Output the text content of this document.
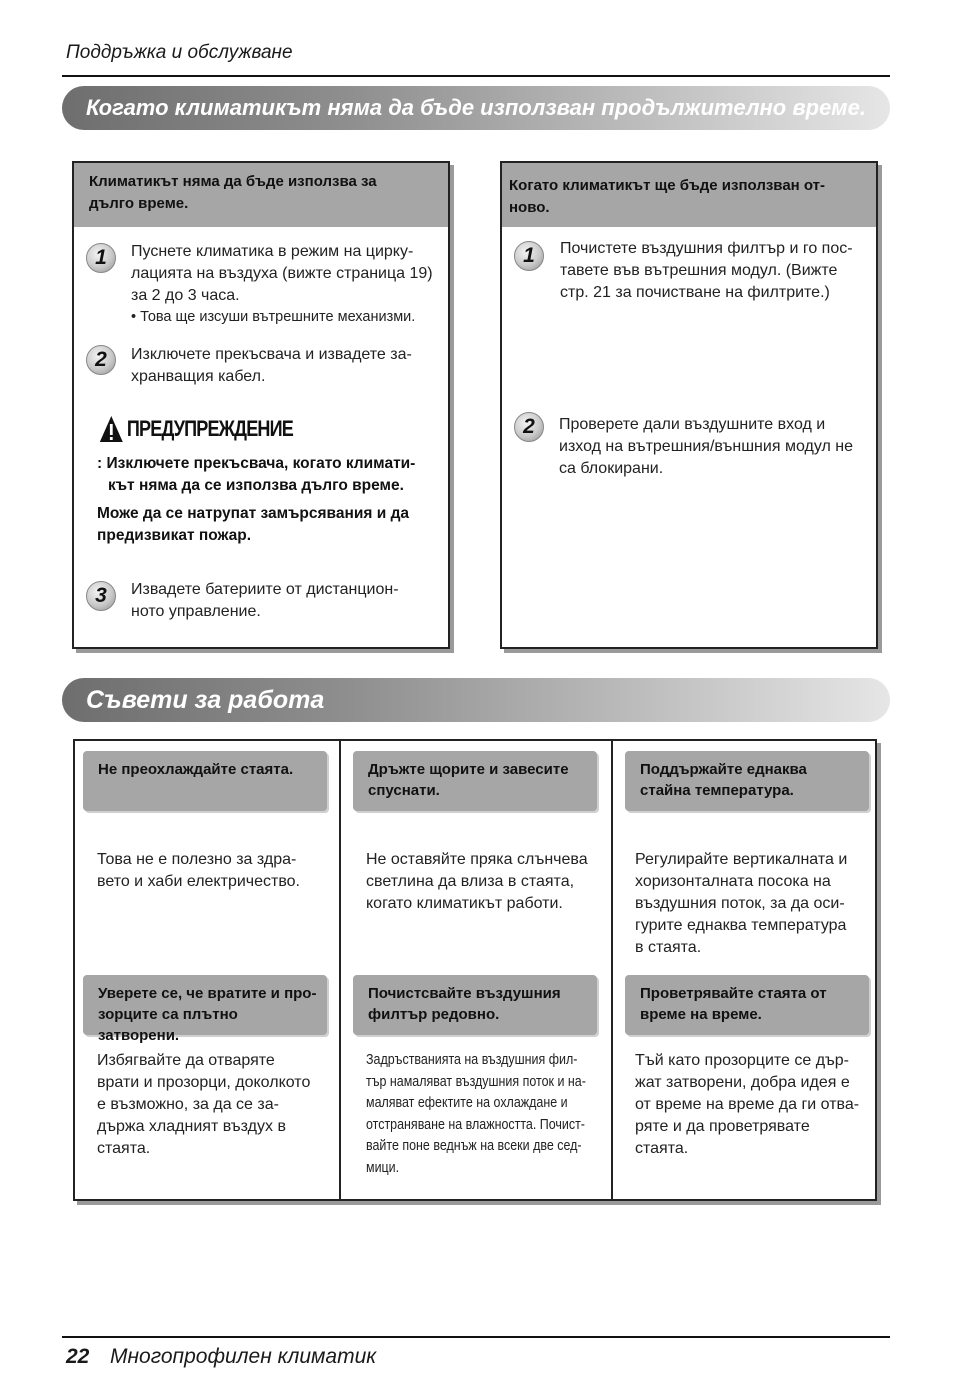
Поддръжка и обслужване
Когато климатикът няма да бъде използван продължително време.
Климатикът няма да бъде използва за
дълго време.
1	Пуснете климатика в режим на цирку-
лацията на въздуха (вижте страница 19)
за 2 до 3 часа.
• Това ще изсуши вътрешните механизми.
2	Изключете прекъсвача и извадете за-
хранващия кабел.
ПРЕДУПРЕЖДЕНИЕ
: Изключете прекъсвача, когато климати-
кът няма да се използва дълго време.
Може да се натрупат замърсявания и да
предизвикат пожар.
3	Извадете батериите от дистанцион-
ното управление.
Когато климатикът ще бъде използван от-
ново.
1	Почистете въздушния филтър и го пос-
тавете във вътрешния модул. (Вижте
стр. 21 за почистване на филтрите.)
2	Проверете дали въздушните вход и
изход на вътрешния/външния модул не
са блокирани.
Съвети за работа
Не преохлаждайте стаята.
Това не е полезно за здра-
вето и хаби електричество.
Дръжте щорите и завесите
спуснати.
Не оставяйте пряка слънчева
светлина да влиза в стаята,
когато климатикът работи.
Поддържайте еднаква
стайна температура.
Регулирайте вертикалната и
хоризонталната посока на
въздушния поток, за да оси-
гурите еднаква температура
в стаята.
Уверете се, че вратите и про-
зорците са плътно затворени.
Избягвайте да отваряте
врати и прозорци, доколкото
е възможно, за да се за-
държа хладният въздух в
стаята.
Почистсвайте въздушния
филтър редовно.
Задръстванията на въздушния фил-
тър намаляват въздушния поток и на-
маляват ефектите на охлаждане и
отстраняване на влажността. Почист-
вайте поне веднъж на всеки две сед-
мици.
Проветрявайте стаята от
време на време.
Тъй като прозорците се дър-
жат затворени, добра идея е
от време на време да ги отва-
ряте и да проветрявате
стаята.
22 Многопрофилен климатик
